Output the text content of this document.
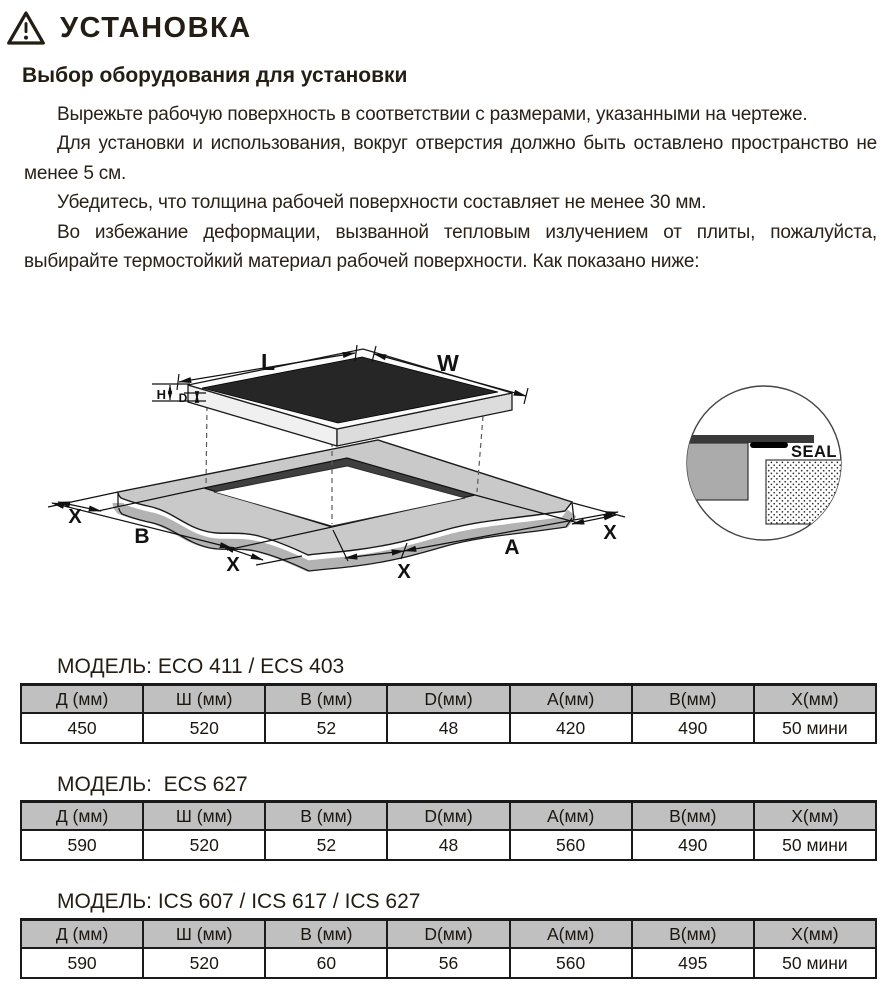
УСТАНОВКА
Выбор оборудования для установки

Вырежьте рабочую поверхность в соответствии с размерами, указанными на чертеже.

Для установки и использования, вокруг отверстия должно быть оставлено пространство не менее 5 см.

Убедитесь, что толщина рабочей поверхности составляет не менее 30 мм.

Во избежание деформации, вызванной тепловым излучением от плиты, пожалуйста, выбирайте термостойкий материал рабочей поверхности. Как показано ниже:

L	W
H D
X
B
X	X
A
X
SEAL
МОДЕЛЬ: ECO 411 / ECS 403
Д (мм)	Ш (мм)	В (мм)	D(мм)	А(мм)	В(мм)	Х(мм)
450	520	52	48	420	490	50 мини
МОДЕЛЬ:  ECS 627
Д (мм)	Ш (мм)	В (мм)	D(мм)	А(мм)	В(мм)	Х(мм)
590	520	52	48	560	490	50 мини
МОДЕЛЬ: ICS 607 / ICS 617 / ICS 627
Д (мм)	Ш (мм)	В (мм)	D(мм)	А(мм)	В(мм)	Х(мм)
590	520	60	56	560	495	50 мини
